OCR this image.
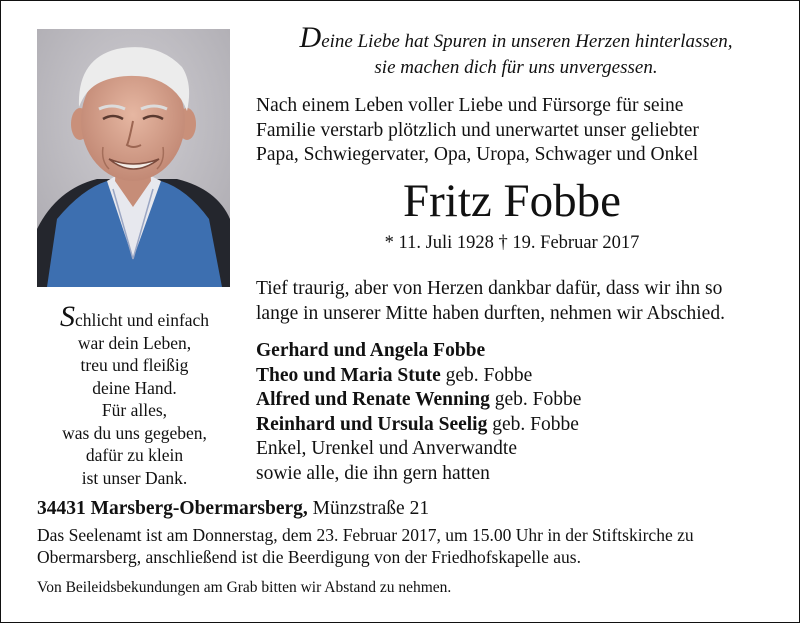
Deine Liebe hat Spuren in unseren Herzen hinterlassen,
sie machen dich für uns unvergessen.
Nach einem Leben voller Liebe und Fürsorge für seine
Familie verstarb plötzlich und unerwartet unser geliebter
Papa, Schwiegervater, Opa, Uropa, Schwager und Onkel
Fritz Fobbe
* 11. Juli 1928 † 19. Februar 2017
Tief traurig, aber von Herzen dankbar dafür, dass wir ihn so
lange in unserer Mitte haben durften, nehmen wir Abschied.
Schlicht und einfach
war dein Leben,
treu und fleißig
deine Hand.
Für alles,
was du uns gegeben,
dafür zu klein
ist unser Dank.
Gerhard und Angela Fobbe
Theo und Maria Stute geb. Fobbe
Alfred und Renate Wenning geb. Fobbe
Reinhard und Ursula Seelig geb. Fobbe
Enkel, Urenkel und Anverwandte
sowie alle, die ihn gern hatten
34431 Marsberg-Obermarsberg, Münzstraße 21
Das Seelenamt ist am Donnerstag, dem 23. Februar 2017, um 15.00 Uhr in der Stiftskirche zu
Obermarsberg, anschließend ist die Beerdigung von der Friedhofskapelle aus.
Von Beileidsbekundungen am Grab bitten wir Abstand zu nehmen.
